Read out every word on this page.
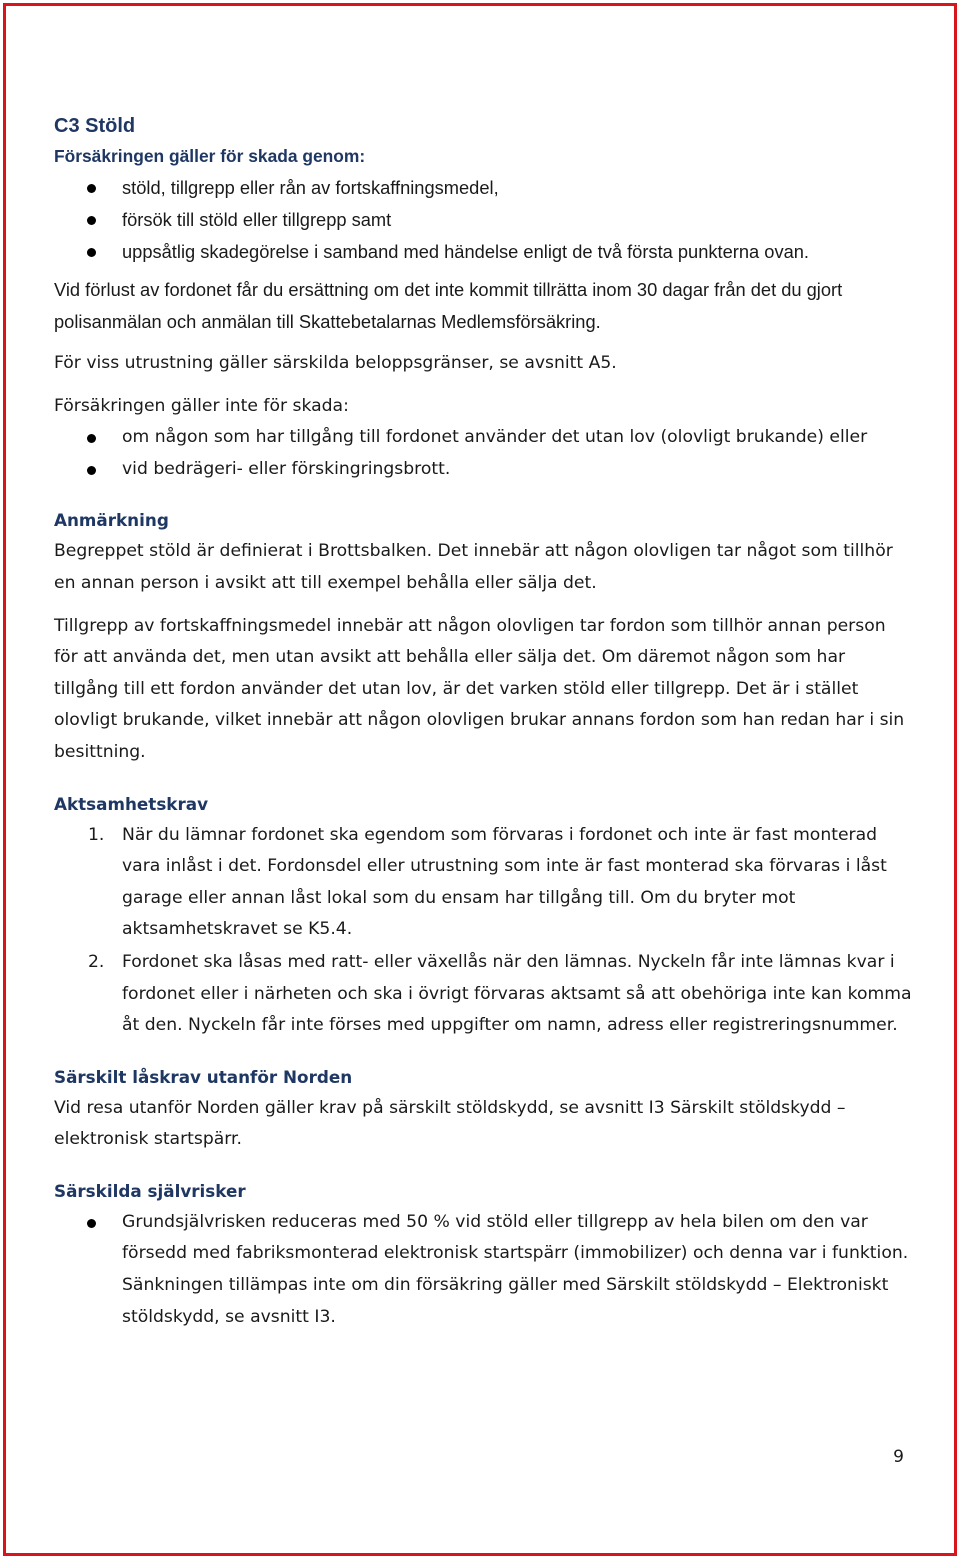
C3 Stöld
Försäkringen gäller för skada genom:
stöld, tillgrepp eller rån av fortskaffningsmedel,
försök till stöld eller tillgrepp samt
uppsåtlig skadegörelse i samband med händelse enligt de två första punkterna ovan.

Vid förlust av fordonet får du ersättning om det inte kommit tillrätta inom 30 dagar från det du gjort polisanmälan och anmälan till Skattebetalarnas Medlemsförsäkring.

För viss utrustning gäller särskilda beloppsgränser, se avsnitt A5.

Försäkringen gäller inte för skada:

om någon som har tillgång till fordonet använder det utan lov (olovligt brukande) eller
vid bedrägeri- eller förskingringsbrott.
Anmärkning

Begreppet stöld är definierat i Brottsbalken. Det innebär att någon olovligen tar något som tillhör en annan person i avsikt att till exempel behålla eller sälja det.

Tillgrepp av fortskaffningsmedel innebär att någon olovligen tar fordon som tillhör annan person för att använda det, men utan avsikt att behålla eller sälja det. Om däremot någon som har tillgång till ett fordon använder det utan lov, är det varken stöld eller tillgrepp. Det är i stället olovligt brukande, vilket innebär att någon olovligen brukar annans fordon som han redan har i sin besittning.

Aktsamhetskrav
1. När du lämnar fordonet ska egendom som förvaras i fordonet och inte är fast monterad vara inlåst i det. Fordonsdel eller utrustning som inte är fast monterad ska förvaras i låst garage eller annan låst lokal som du ensam har tillgång till. Om du bryter mot aktsamhetskravet se K5.4.
2. Fordonet ska låsas med ratt- eller växellås när den lämnas. Nyckeln får inte lämnas kvar i fordonet eller i närheten och ska i övrigt förvaras aktsamt så att obehöriga inte kan komma åt den. Nyckeln får inte förses med uppgifter om namn, adress eller registreringsnummer.
Särskilt låskrav utanför Norden

Vid resa utanför Norden gäller krav på särskilt stöldskydd, se avsnitt I3 Särskilt stöldskydd – elektronisk startspärr.

Särskilda självrisker
Grundsjälvrisken reduceras med 50 % vid stöld eller tillgrepp av hela bilen om den var försedd med fabriksmonterad elektronisk startspärr (immobilizer) och denna var i funktion. Sänkningen tillämpas inte om din försäkring gäller med Särskilt stöldskydd – Elektroniskt stöldskydd, se avsnitt I3.
9
